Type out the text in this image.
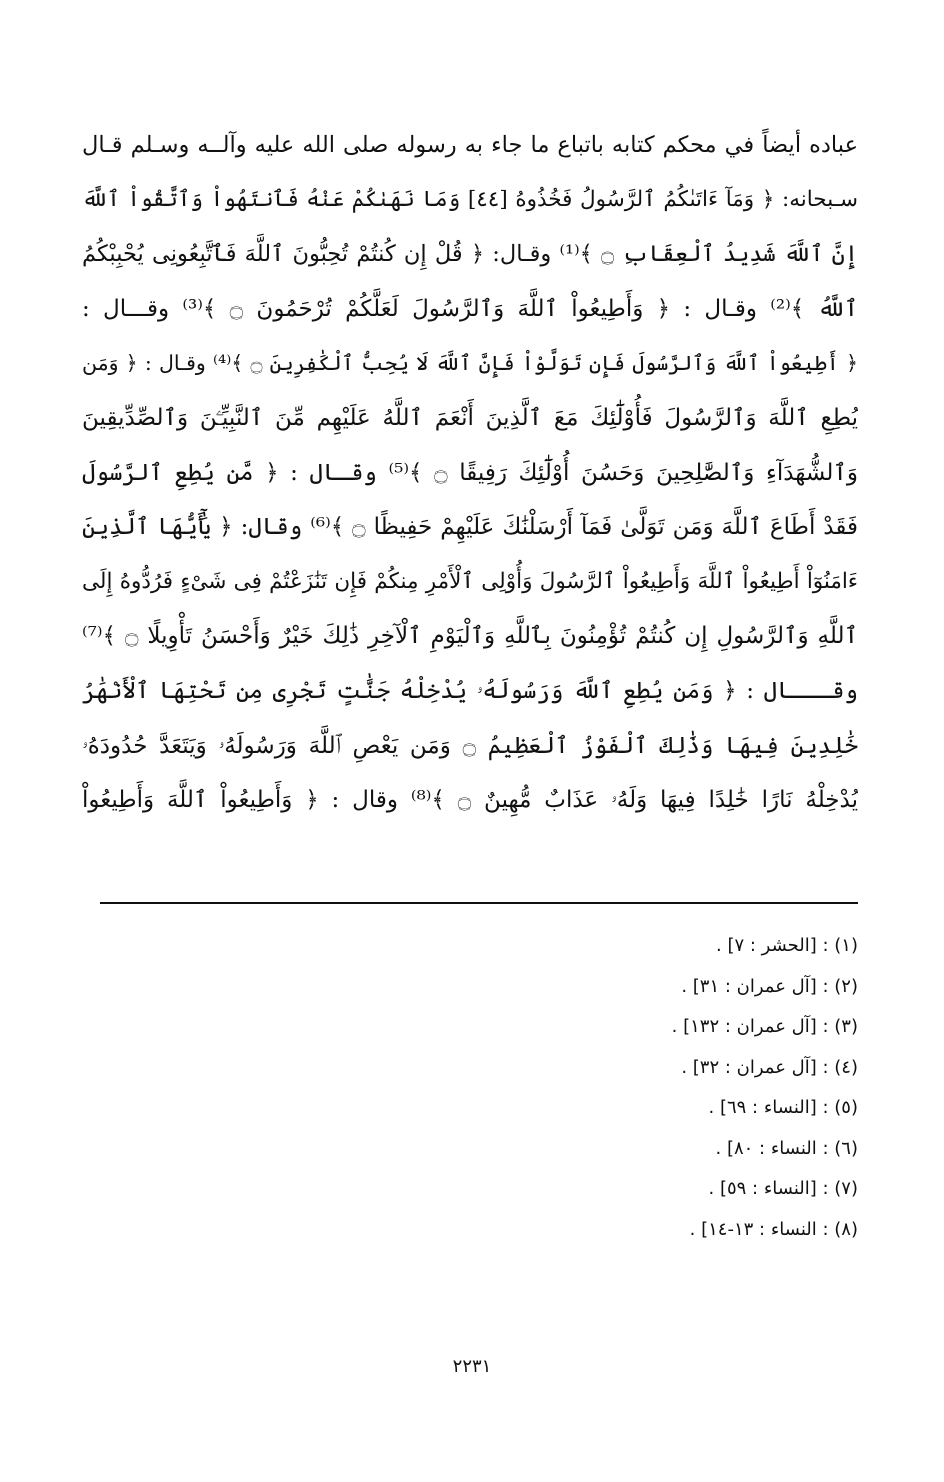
عباده أيضاً في محكم كتابه باتباع ما جاء به رسوله صلى الله عليه وآلــه وسـلم قـال
سـبحانه: ﴿ وَمَآ ءَاتَىٰكُمُ ٱلرَّسُولُ فَخُذُوهُ [٤٤] وَمَا نَهَىٰكُمْ عَنْهُ فَٱنتَهُواْ وَٱتَّقُواْ ٱللَّهَ
إِنَّ ٱللَّهَ شَدِيدُ ٱلْعِقَابِ ۝ ﴾⁽¹⁾ وقـال: ﴿ قُلْ إِن كُنتُمْ تُحِبُّونَ ٱللَّهَ فَٱتَّبِعُونِى يُحْبِبْكُمُ
ٱللَّهُ ﴾⁽²⁾ وقـال : ﴿ وَأَطِيعُواْ ٱللَّهَ وَٱلرَّسُولَ لَعَلَّكُمْ تُرْحَمُونَ ۝ ﴾⁽³⁾ وقـــال :
﴿ أَطِيعُواْ ٱللَّهَ وَٱلرَّسُولَ فَإِن تَوَلَّوْاْ فَإِنَّ ٱللَّهَ لَا يُحِبُّ ٱلْكَٰفِرِينَ ۝ ﴾⁽⁴⁾ وقـال : ﴿ وَمَن
يُطِعِ ٱللَّهَ وَٱلرَّسُولَ فَأُوْلَٰٓئِكَ مَعَ ٱلَّذِينَ أَنْعَمَ ٱللَّهُ عَلَيْهِم مِّنَ ٱلنَّبِيِّـۧنَ وَٱلصِّدِّيقِينَ
وَٱلشُّهَدَآءِ وَٱلصَّٰلِحِينَ وَحَسُنَ أُوْلَٰٓئِكَ رَفِيقًا ۝ ﴾⁽⁵⁾ وقـال : ﴿ مَّن يُطِعِ ٱلرَّسُولَ
فَقَدْ أَطَاعَ ٱللَّهَ وَمَن تَوَلَّىٰ فَمَآ أَرْسَلْنَٰكَ عَلَيْهِمْ حَفِيظًا ۝ ﴾⁽⁶⁾ وقال: ﴿ يَٰٓأَيُّهَا ٱلَّذِينَ
ءَامَنُوٓاْ أَطِيعُواْ ٱللَّهَ وَأَطِيعُواْ ٱلرَّسُولَ وَأُوْلِى ٱلْأَمْرِ مِنكُمْ فَإِن تَنَٰزَعْتُمْ فِى شَىْءٍ فَرُدُّوهُ إِلَى
ٱللَّهِ وَٱلرَّسُولِ إِن كُنتُمْ تُؤْمِنُونَ بِٱللَّهِ وَٱلْيَوْمِ ٱلْآخِرِ ذَٰلِكَ خَيْرٌ وَأَحْسَنُ تَأْوِيلًا ۝ ﴾⁽⁷⁾
وقـــال : ﴿ وَمَن يُطِعِ ٱللَّهَ وَرَسُولَهُۥ يُدْخِلْهُ جَنَّٰتٍ تَجْرِى مِن تَحْتِهَا ٱلْأَنْهَٰرُ
خَٰلِدِينَ فِيهَا وَذَٰلِكَ ٱلْفَوْزُ ٱلْعَظِيمُ ۝ وَمَن يَعْصِ ٱللَّهَ وَرَسُولَهُۥ وَيَتَعَدَّ حُدُودَهُۥ
يُدْخِلْهُ نَارًا خَٰلِدًا فِيهَا وَلَهُۥ عَذَابٌ مُّهِينٌ ۝ ﴾⁽⁸⁾ وقال : ﴿ وَأَطِيعُواْ ٱللَّهَ وَأَطِيعُواْ
(١) : [الحشر : ٧] .
(٢) : [آل عمران : ٣١] .
(٣) : [آل عمران : ١٣٢] .
(٤) : [آل عمران : ٣٢] .
(٥) : [النساء : ٦٩] .
(٦) : النساء : ٨٠] .
(٧) : [النساء : ٥٩] .
(٨) : النساء : ١٣-١٤] .
٢٢٣١
